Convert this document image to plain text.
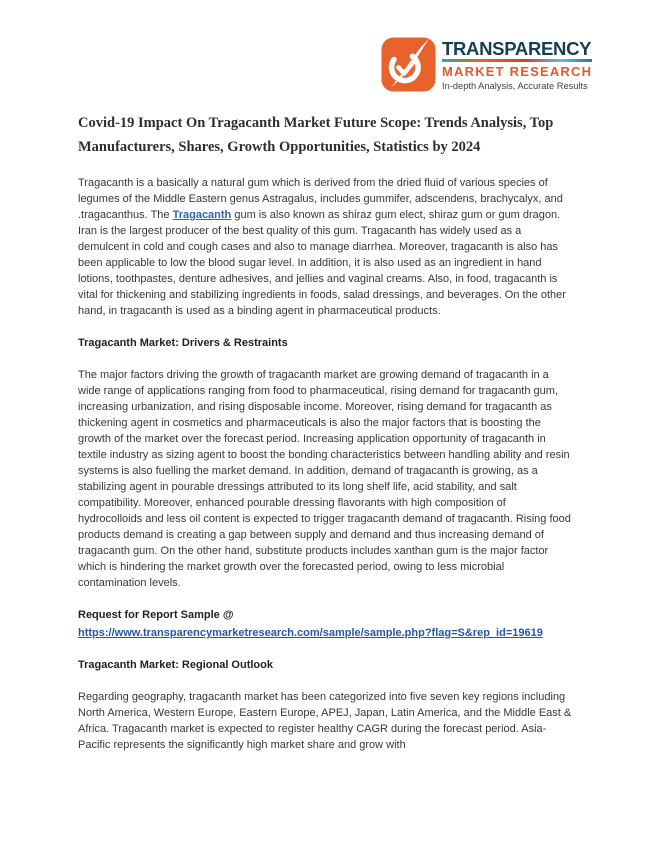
TRANSPARENCY
MARKET RESEARCH
In-depth Analysis, Accurate Results
Covid-19 Impact On Tragacanth Market Future Scope: Trends Analysis, Top Manufacturers, Shares, Growth Opportunities, Statistics by 2024

Tragacanth is a basically a natural gum which is derived from the dried fluid of various species of legumes of the Middle Eastern genus Astragalus, includes gummifer, adscendens, brachycalyx, and .tragacanthus. The Tragacanth gum is also known as shiraz gum elect, shiraz gum or gum dragon. Iran is the largest producer of the best quality of this gum. Tragacanth has widely used as a demulcent in cold and cough cases and also to manage diarrhea. Moreover, tragacanth is also has been applicable to low the blood sugar level. In addition, it is also used as an ingredient in hand lotions, toothpastes, denture adhesives, and jellies and vaginal creams. Also, in food, tragacanth is vital for thickening and stabilizing ingredients in foods, salad dressings, and beverages. On the other hand, in tragacanth is used as a binding agent in pharmaceutical products.

Tragacanth Market: Drivers & Restraints

The major factors driving the growth of tragacanth market are growing demand of tragacanth in a wide range of applications ranging from food to pharmaceutical, rising demand for tragacanth gum, increasing urbanization, and rising disposable income. Moreover, rising demand for tragacanth as thickening agent in cosmetics and pharmaceuticals is also the major factors that is boosting the growth of the market over the forecast period. Increasing application opportunity of tragacanth in textile industry as sizing agent to boost the bonding characteristics between handling ability and resin systems is also fuelling the market demand. In addition, demand of tragacanth is growing, as a stabilizing agent in pourable dressings attributed to its long shelf life, acid stability, and salt compatibility. Moreover, enhanced pourable dressing flavorants with high composition of hydrocolloids and less oil content is expected to trigger tragacanth demand of tragacanth. Rising food products demand is creating a gap between supply and demand and thus increasing demand of tragacanth gum. On the other hand, substitute products includes xanthan gum is the major factor which is hindering the market growth over the forecasted period, owing to less microbial contamination levels.

Request for Report Sample @
https://www.transparencymarketresearch.com/sample/sample.php?flag=S&rep_id=19619
Tragacanth Market: Regional Outlook

Regarding geography, tragacanth market has been categorized into five seven key regions including North America, Western Europe, Eastern Europe, APEJ, Japan, Latin America, and the Middle East & Africa. Tragacanth market is expected to register healthy CAGR during the forecast period. Asia-Pacific represents the significantly high market share and grow with
